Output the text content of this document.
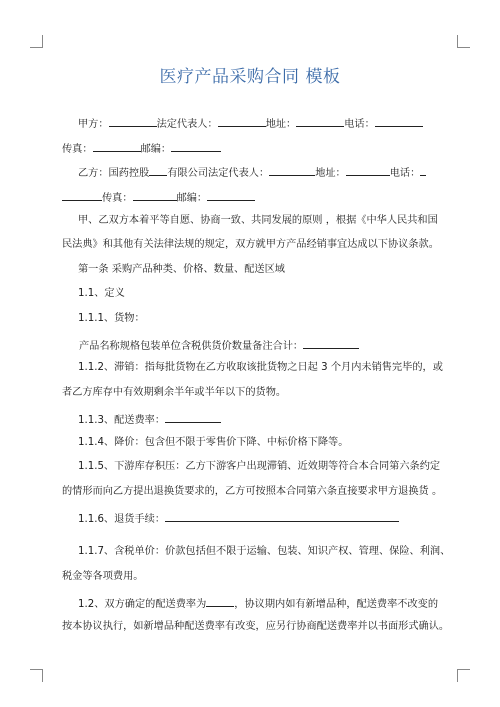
医疗产品采购合同 模板
甲方：	法定代表人：	地址：	电话：
传真：	邮编：
乙方：国药控股 有限公司法定代表人：	地址：	电话：
传真：	邮编：
甲、乙双方本着平等自愿、协商一致、共同发展的原则 ，根据《中华人民共和国
民法典》和其他有关法律法规的规定，双方就甲方产品经销事宜达成以下协议条款。
第一条 采购产品种类、价格、数量、配送区域
1.1、定义
1.1.1、货物：
产品名称规格包装单位含税供货价数量备注合计：
1.1.2、滞销：指每批货物在乙方收取该批货物之日起 3 个月内未销售完毕的，或
者乙方库存中有效期剩余半年或半年以下的货物。
1.1.3、配送费率：
1.1.4、降价：包含但不限于零售价下降、中标价格下降等。
1.1.5、下游库存积压：乙方下游客户出现滞销、近效期等符合本合同第六条约定
的情形而向乙方提出退换货要求的，乙方可按照本合同第六条直接要求甲方退换货 。
1.1.6、退货手续：
1.1.7、含税单价：价款包括但不限于运输、包装、知识产权、管理、保险、利润、
税金等各项费用。
1.2、双方确定的配送费率为	，协议期内如有新增品种，配送费率不改变的
按本协议执行，如新增品种配送费率有改变，应另行协商配送费率并以书面形式确认。
